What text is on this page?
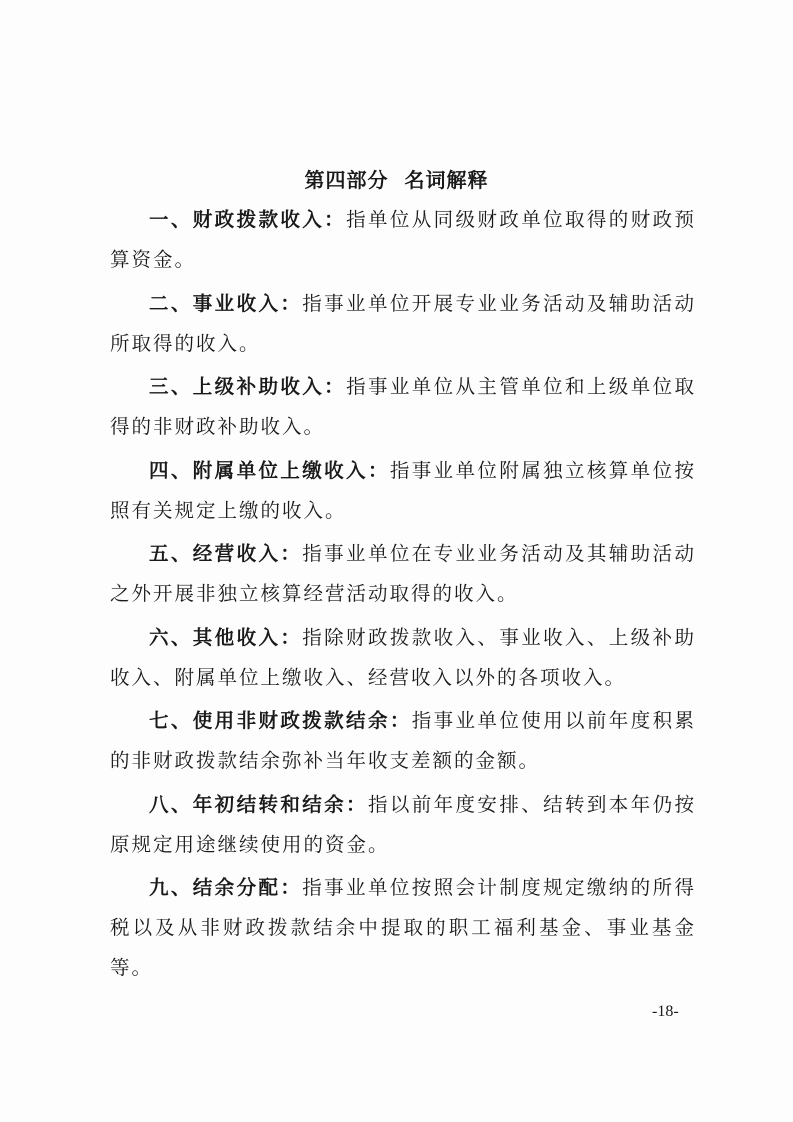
第四部分  名词解释

一、财政拨款收入：指单位从同级财政单位取得的财政预算资金。

二、事业收入：指事业单位开展专业业务活动及辅助活动所取得的收入。

三、上级补助收入：指事业单位从主管单位和上级单位取得的非财政补助收入。

四、附属单位上缴收入：指事业单位附属独立核算单位按照有关规定上缴的收入。

五、经营收入：指事业单位在专业业务活动及其辅助活动之外开展非独立核算经营活动取得的收入。

六、其他收入：指除财政拨款收入、事业收入、上级补助收入、附属单位上缴收入、经营收入以外的各项收入。

七、使用非财政拨款结余：指事业单位使用以前年度积累的非财政拨款结余弥补当年收支差额的金额。

八、年初结转和结余：指以前年度安排、结转到本年仍按原规定用途继续使用的资金。

九、结余分配：指事业单位按照会计制度规定缴纳的所得税以及从非财政拨款结余中提取的职工福利基金、事业基金等。

-18-
